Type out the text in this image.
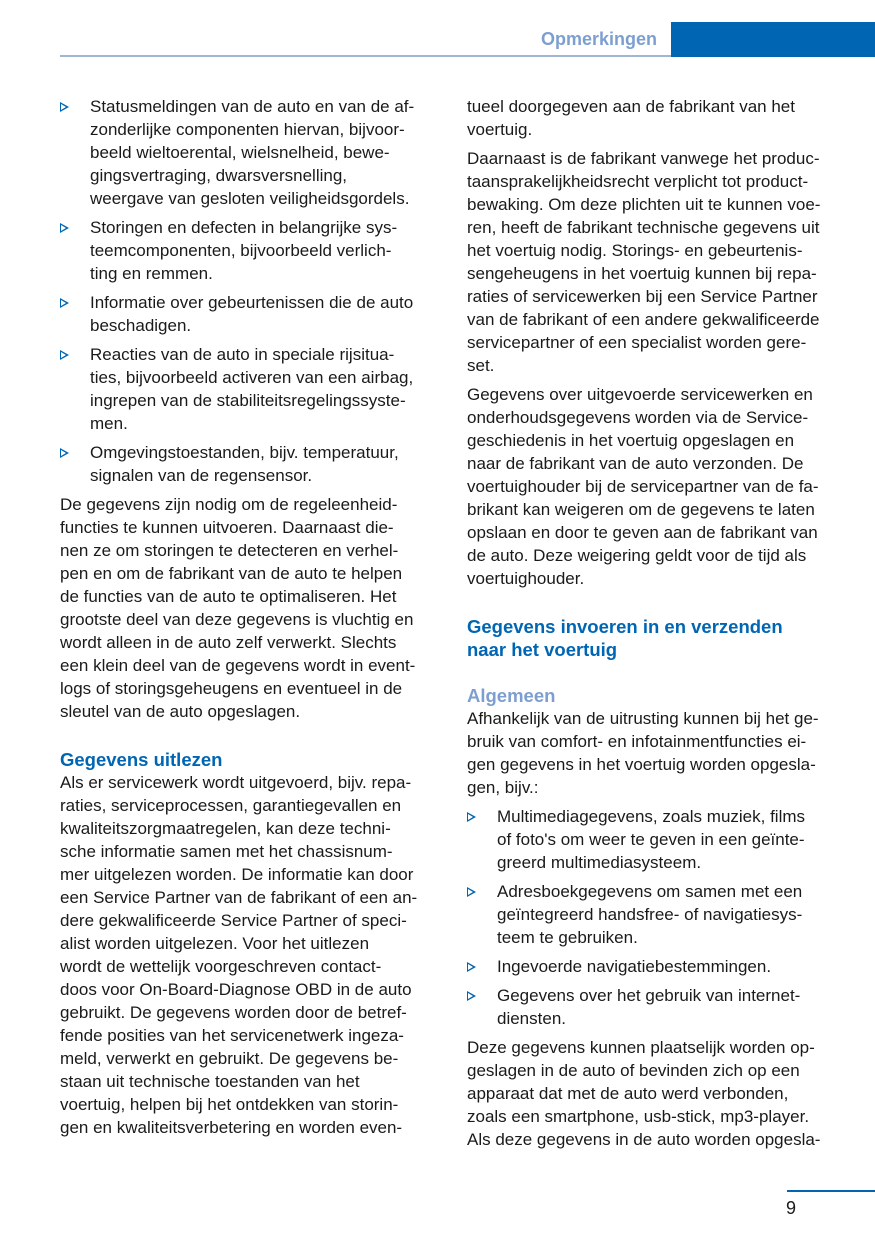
Opmerkingen
Statusmeldingen van de auto en van de af-
zonderlijke componenten hiervan, bijvoor-
beeld wieltoerental, wielsnelheid, bewe-
gingsvertraging, dwarsversnelling,
weergave van gesloten veiligheidsgordels.
Storingen en defecten in belangrijke sys-
teemcomponenten, bijvoorbeeld verlich-
ting en remmen.
Informatie over gebeurtenissen die de auto
beschadigen.
Reacties van de auto in speciale rijsitua-
ties, bijvoorbeeld activeren van een airbag,
ingrepen van de stabiliteitsregelingssyste-
men.
Omgevingstoestanden, bijv. temperatuur,
signalen van de regensensor.
De gegevens zijn nodig om de regeleenheid-
functies te kunnen uitvoeren. Daarnaast die-
nen ze om storingen te detecteren en verhel-
pen en om de fabrikant van de auto te helpen
de functies van de auto te optimaliseren. Het
grootste deel van deze gegevens is vluchtig en
wordt alleen in de auto zelf verwerkt. Slechts
een klein deel van de gegevens wordt in event-
logs of storingsgeheugens en eventueel in de
sleutel van de auto opgeslagen.
Gegevens uitlezen
Als er servicewerk wordt uitgevoerd, bijv. repa-
raties, serviceprocessen, garantiegevallen en
kwaliteitszorgmaatregelen, kan deze techni-
sche informatie samen met het chassisnum-
mer uitgelezen worden. De informatie kan door
een Service Partner van de fabrikant of een an-
dere gekwalificeerde Service Partner of speci-
alist worden uitgelezen. Voor het uitlezen
wordt de wettelijk voorgeschreven contact-
doos voor On-Board-Diagnose OBD in de auto
gebruikt. De gegevens worden door de betref-
fende posities van het servicenetwerk ingeza-
meld, verwerkt en gebruikt. De gegevens be-
staan uit technische toestanden van het
voertuig, helpen bij het ontdekken van storin-
gen en kwaliteitsverbetering en worden even-
tueel doorgegeven aan de fabrikant van het
voertuig.
Daarnaast is de fabrikant vanwege het produc-
taansprakelijkheidsrecht verplicht tot product-
bewaking. Om deze plichten uit te kunnen voe-
ren, heeft de fabrikant technische gegevens uit
het voertuig nodig. Storings- en gebeurtenis-
sengeheugens in het voertuig kunnen bij repa-
raties of servicewerken bij een Service Partner
van de fabrikant of een andere gekwalificeerde
servicepartner of een specialist worden gere-
set.
Gegevens over uitgevoerde servicewerken en
onderhoudsgegevens worden via de Service-
geschiedenis in het voertuig opgeslagen en
naar de fabrikant van de auto verzonden. De
voertuighouder bij de servicepartner van de fa-
brikant kan weigeren om de gegevens te laten
opslaan en door te geven aan de fabrikant van
de auto. Deze weigering geldt voor de tijd als
voertuighouder.
Gegevens invoeren in en verzenden
naar het voertuig
Algemeen
Afhankelijk van de uitrusting kunnen bij het ge-
bruik van comfort- en infotainmentfuncties ei-
gen gegevens in het voertuig worden opgesla-
gen, bijv.:
Multimediagegevens, zoals muziek, films
of foto's om weer te geven in een geïnte-
greerd multimediasysteem.
Adresboekgegevens om samen met een
geïntegreerd handsfree- of navigatiesys-
teem te gebruiken.
Ingevoerde navigatiebestemmingen.
Gegevens over het gebruik van internet-
diensten.
Deze gegevens kunnen plaatselijk worden op-
geslagen in de auto of bevinden zich op een
apparaat dat met de auto werd verbonden,
zoals een smartphone, usb-stick, mp3-player.
Als deze gegevens in de auto worden opgesla-
9
